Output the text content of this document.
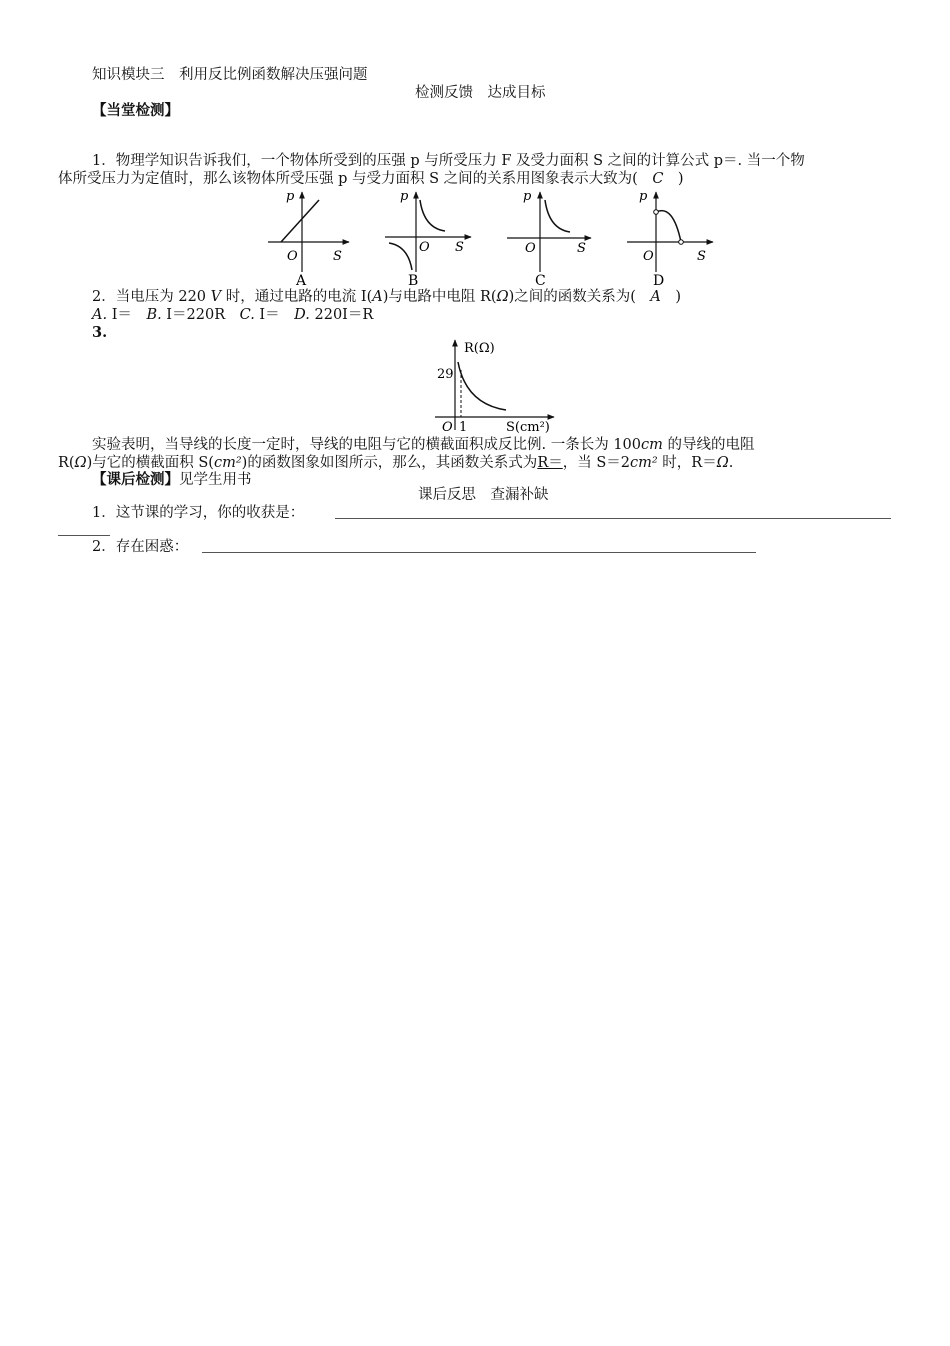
知识模块三　利用反比例函数解决压强问题
检测反馈　达成目标
【当堂检测】
1．物理学知识告诉我们，一个物体所受到的压强 p 与所受压力 F 及受力面积 S 之间的计算公式 p＝. 当一个物
体所受压力为定值时，那么该物体所受压强 p 与受力面积 S 之间的关系用图象表示大致为(　C　)
p
O	S
A
p
O S
B
p
O	S
C
p
O	S
D
2．当电压为 220 V 时，通过电路的电流 I(A)与电路中电阻 R(Ω)之间的函数关系为(　A　)
A. I＝　B. I＝220R　C. I＝　D. 220I＝R
3.
R(Ω)
29
O 1	S(cm²)
实验表明，当导线的长度一定时，导线的电阻与它的横截面积成反比例. 一条长为 100cm 的导线的电阻
R(Ω)与它的横截面积 S(cm²)的函数图象如图所示，那么，其函数关系式为R＝，当 S＝2cm² 时，R＝Ω.
【课后检测】见学生用书
课后反思　查漏补缺
1．这节课的学习，你的收获是：
2．存在困惑：
